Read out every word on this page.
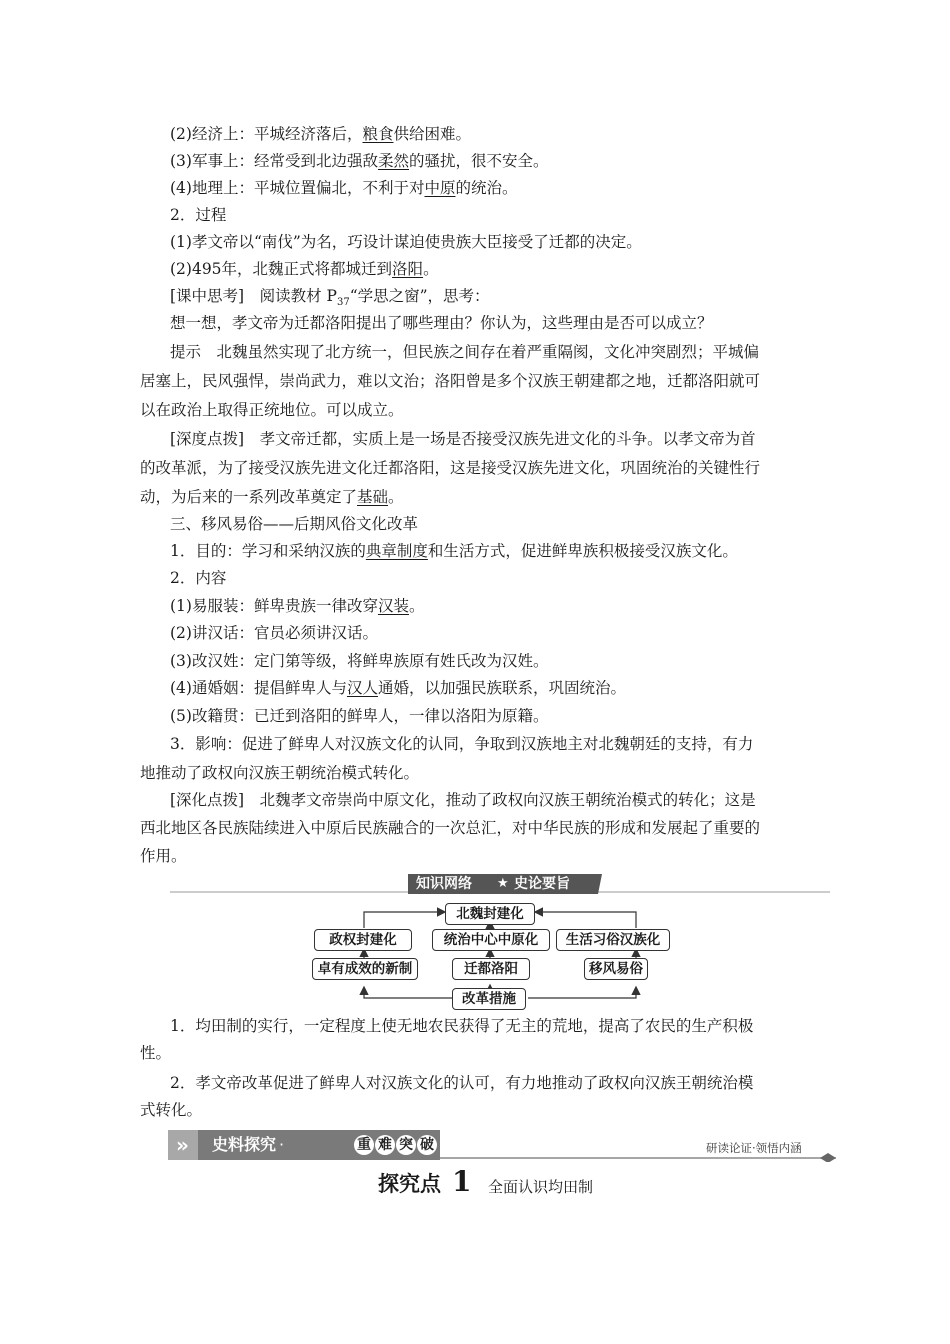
(2)经济上：平城经济落后，粮食供给困难。
(3)军事上：经常受到北边强敌柔然的骚扰，很不安全。
(4)地理上：平城位置偏北，不利于对中原的统治。
2．过程
(1)孝文帝以“南伐”为名，巧设计谋迫使贵族大臣接受了迁都的决定。
(2)495年，北魏正式将都城迁到洛阳。
[课中思考]　阅读教材 $P_{37}“$学思之窗”，思考：
想一想，孝文帝为迁都洛阳提出了哪些理由？你认为，这些理由是否可以成立？
提示　北魏虽然实现了北方统一，但民族之间存在着严重隔阂，文化冲突剧烈；平城偏
居塞上，民风强悍，崇尚武力，难以文治；洛阳曾是多个汉族王朝建都之地，迁都洛阳就可
以在政治上取得正统地位。可以成立。
[深度点拨]　孝文帝迁都，实质上是一场是否接受汉族先进文化的斗争。以孝文帝为首
的改革派，为了接受汉族先进文化迁都洛阳，这是接受汉族先进文化，巩固统治的关键性行
动，为后来的一系列改革奠定了基础。
三、移风易俗——后期风俗文化改革
1．目的：学习和采纳汉族的典章制度和生活方式，促进鲜卑族积极接受汉族文化。
2．内容
(1)易服装：鲜卑贵族一律改穿汉装。
(2)讲汉话：官员必须讲汉话。
(3)改汉姓：定门第等级，将鲜卑族原有姓氏改为汉姓。
(4)通婚姻：提倡鲜卑人与汉人通婚，以加强民族联系，巩固统治。
(5)改籍贯：已迁到洛阳的鲜卑人，一律以洛阳为原籍。
3．影响：促进了鲜卑人对汉族文化的认同，争取到汉族地主对北魏朝廷的支持，有力
地推动了政权向汉族王朝统治模式转化。
[深化点拨]　北魏孝文帝崇尚中原文化，推动了政权向汉族王朝统治模式的转化；这是
西北地区各民族陆续进入中原后民族融合的一次总汇，对中华民族的形成和发展起了重要的
作用。
知识网络 ★ 史论要旨
北魏封建化
政权封建化	统治中心中原化	生活习俗汉族化
卓有成效的新制	迁都洛阳	移风易俗
改革措施
1．均田制的实行，一定程度上使无地农民获得了无主的荒地，提高了农民的生产积极
性。
2．孝文帝改革促进了鲜卑人对汉族文化的认可，有力地推动了政权向汉族王朝统治模
式转化。
» 史料探究 ·	重 难 突 破	研读论证·领悟内涵
探究点 1 全面认识均田制
